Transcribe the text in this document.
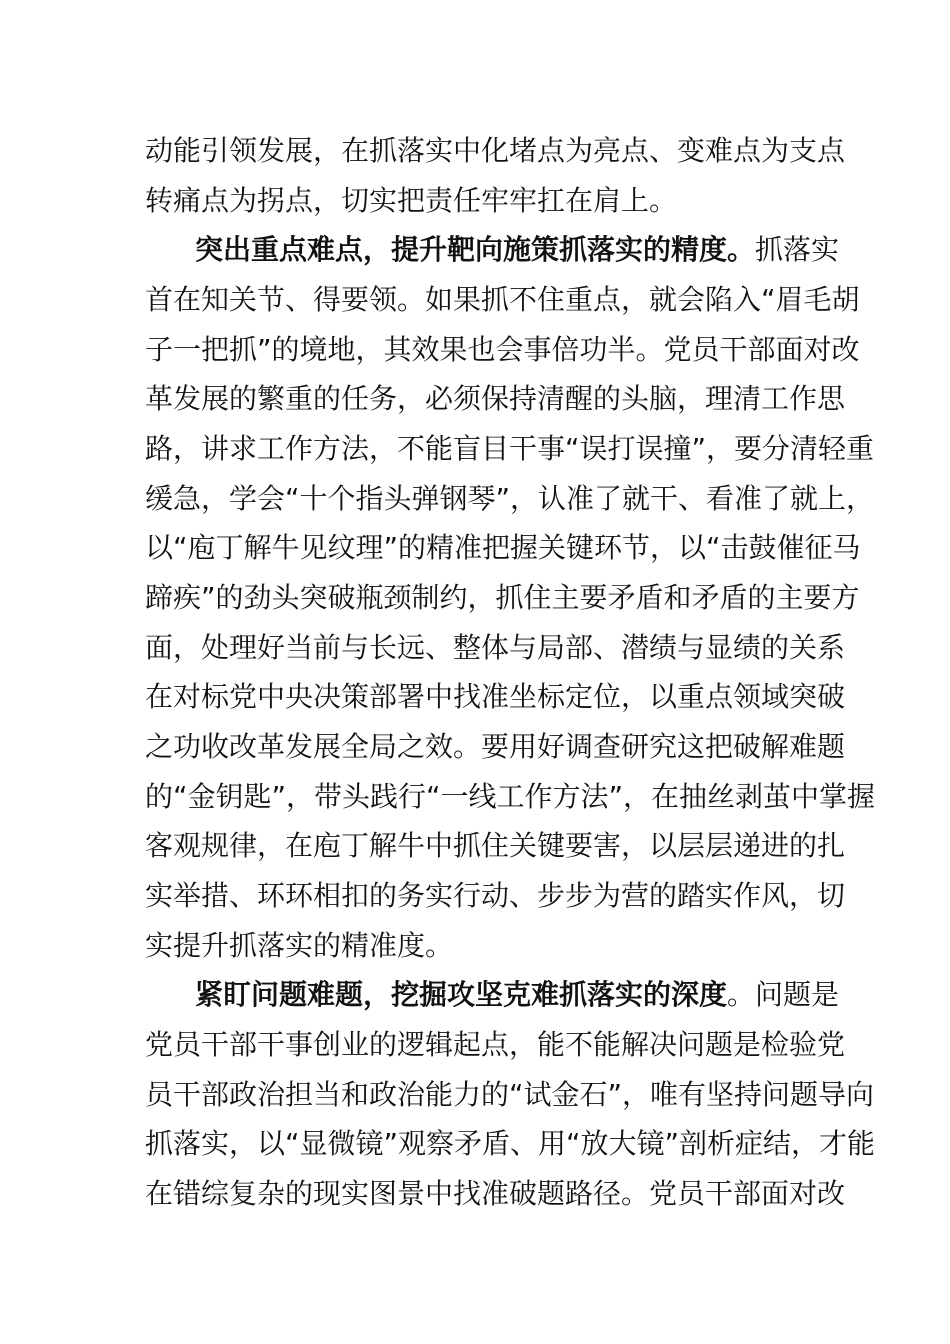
动能引领发展，在抓落实中化堵点为亮点、变难点为支点
转痛点为拐点，切实把责任牢牢扛在肩上。
突出重点难点，提升靶向施策抓落实的精度。抓落实
首在知关节、得要领。如果抓不住重点，就会陷入“眉毛胡
子一把抓”的境地，其效果也会事倍功半。党员干部面对改
革发展的繁重的任务，必须保持清醒的头脑，理清工作思
路，讲求工作方法，不能盲目干事“误打误撞”，要分清轻重
缓急，学会“十个指头弹钢琴”，认准了就干、看准了就上，
以“庖丁解牛见纹理”的精准把握关键环节，以“击鼓催征马
蹄疾”的劲头突破瓶颈制约，抓住主要矛盾和矛盾的主要方
面，处理好当前与长远、整体与局部、潜绩与显绩的关系
在对标党中央决策部署中找准坐标定位，以重点领域突破
之功收改革发展全局之效。要用好调查研究这把破解难题
的“金钥匙”，带头践行“一线工作方法”，在抽丝剥茧中掌握
客观规律，在庖丁解牛中抓住关键要害，以层层递进的扎
实举措、环环相扣的务实行动、步步为营的踏实作风，切
实提升抓落实的精准度。
紧盯问题难题，挖掘攻坚克难抓落实的深度。问题是
党员干部干事创业的逻辑起点，能不能解决问题是检验党
员干部政治担当和政治能力的“试金石”，唯有坚持问题导向
抓落实，以“显微镜”观察矛盾、用“放大镜”剖析症结，才能
在错综复杂的现实图景中找准破题路径。党员干部面对改
